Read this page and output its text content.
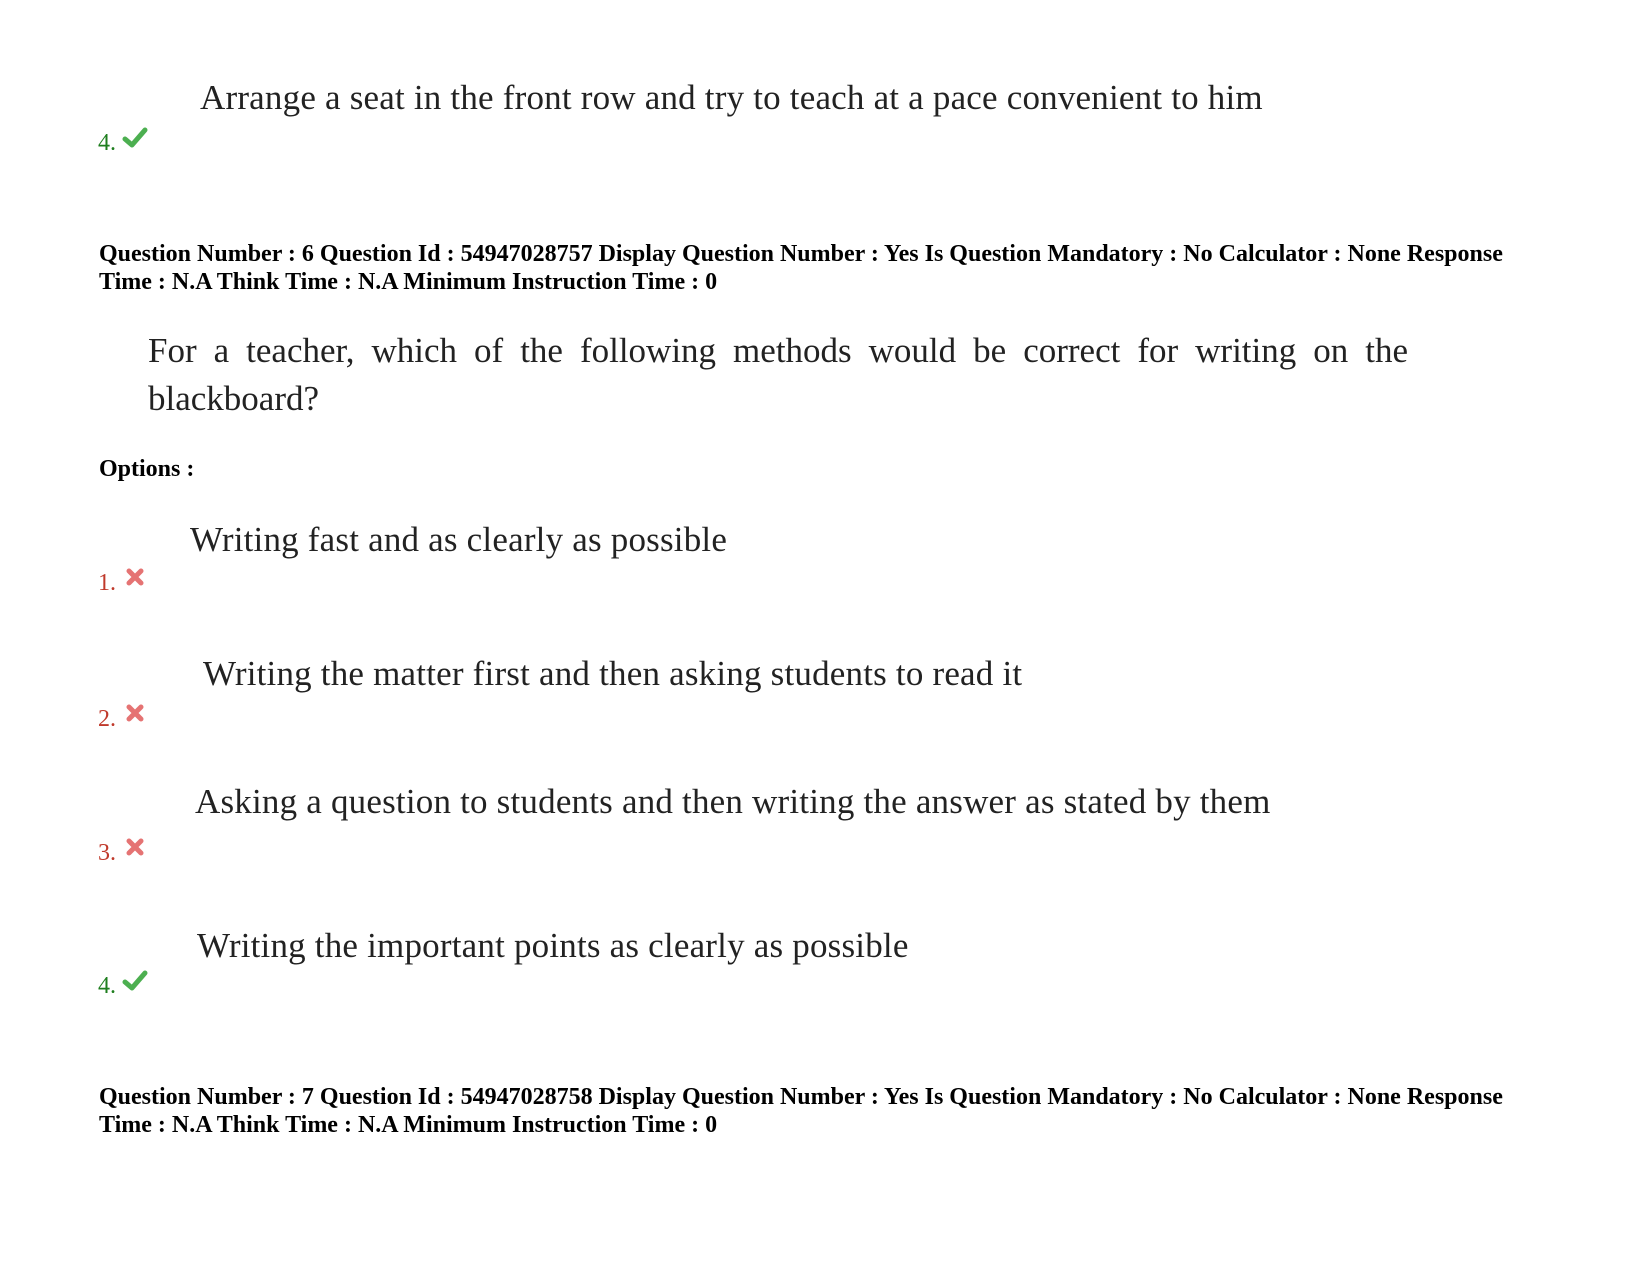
Arrange a seat in the front row and try to teach at a pace convenient to him
4.
Question Number : 6 Question Id : 54947028757 Display Question Number : Yes Is Question Mandatory : No Calculator : None Response
Time : N.A Think Time : N.A Minimum Instruction Time : 0
For a teacher, which of the following methods would be correct for writing on the blackboard?
Options :
Writing fast and as clearly as possible
1.
Writing the matter first and then asking students to read it
2.
Asking a question to students and then writing the answer as stated by them
3.
Writing the important points as clearly as possible
4.
Question Number : 7 Question Id : 54947028758 Display Question Number : Yes Is Question Mandatory : No Calculator : None Response
Time : N.A Think Time : N.A Minimum Instruction Time : 0
